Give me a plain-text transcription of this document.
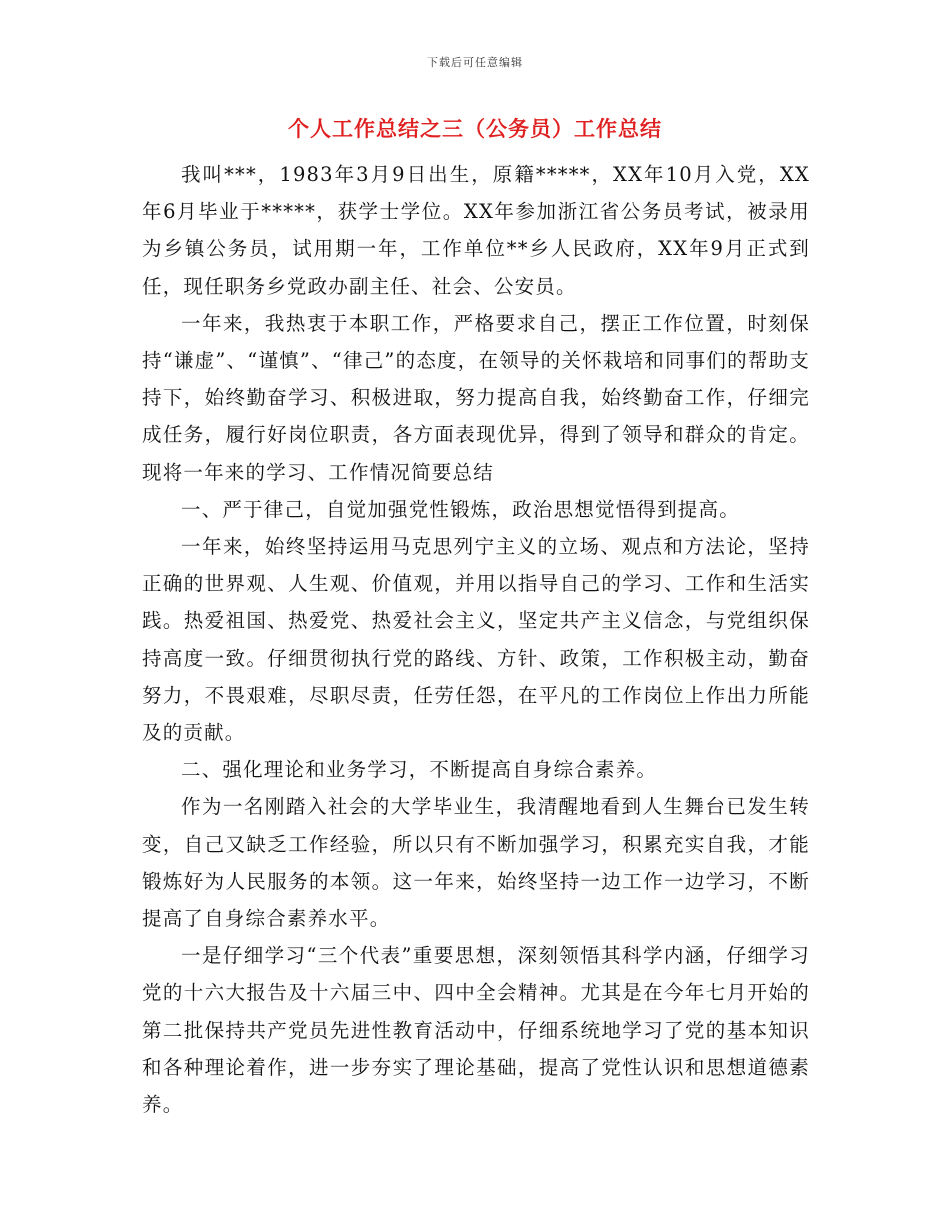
下载后可任意编辑
个人工作总结之三（公务员）工作总结

我叫***，1983年3月9日出生，原籍*****，XX年10月入党，XX年6月毕业于*****，获学士学位。XX年参加浙江省公务员考试，被录用为乡镇公务员，试用期一年，工作单位**乡人民政府，XX年9月正式到任，现任职务乡党政办副主任、社会、公安员。

一年来，我热衷于本职工作，严格要求自己，摆正工作位置，时刻保持“谦虚”、“谨慎”、“律己”的态度，在领导的关怀栽培和同事们的帮助支持下，始终勤奋学习、积极进取，努力提高自我，始终勤奋工作，仔细完成任务，履行好岗位职责，各方面表现优异，得到了领导和群众的肯定。现将一年来的学习、工作情况简要总结

一、严于律己，自觉加强党性锻炼，政治思想觉悟得到提高。

一年来，始终坚持运用马克思列宁主义的立场、观点和方法论，坚持正确的世界观、人生观、价值观，并用以指导自己的学习、工作和生活实践。热爱祖国、热爱党、热爱社会主义，坚定共产主义信念，与党组织保持高度一致。仔细贯彻执行党的路线、方针、政策，工作积极主动，勤奋努力，不畏艰难，尽职尽责，任劳任怨，在平凡的工作岗位上作出力所能及的贡献。

二、强化理论和业务学习，不断提高自身综合素养。

作为一名刚踏入社会的大学毕业生，我清醒地看到人生舞台已发生转变，自己又缺乏工作经验，所以只有不断加强学习，积累充实自我，才能锻炼好为人民服务的本领。这一年来，始终坚持一边工作一边学习，不断提高了自身综合素养水平。

一是仔细学习“三个代表”重要思想，深刻领悟其科学内涵，仔细学习党的十六大报告及十六届三中、四中全会精神。尤其是在今年七月开始的第二批保持共产党员先进性教育活动中，仔细系统地学习了党的基本知识和各种理论着作，进一步夯实了理论基础，提高了党性认识和思想道德素养。
